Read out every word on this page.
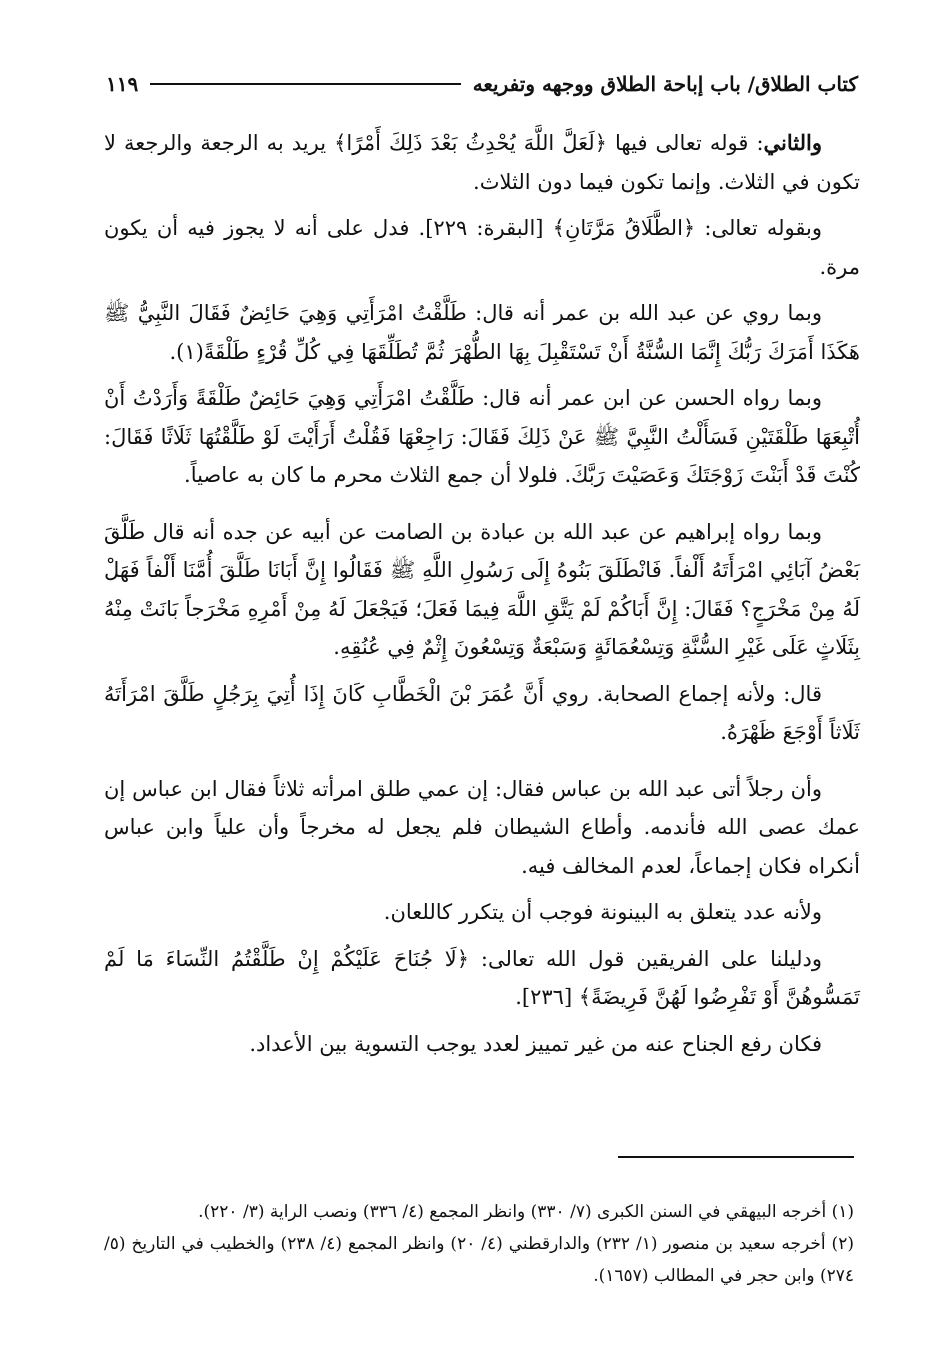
كتاب الطلاق/ باب إباحة الطلاق ووجهه وتفريعه
١١٩

والثاني: قوله تعالى فيها ﴿لَعَلَّ اللَّهَ يُحْدِثُ بَعْدَ ذَلِكَ أَمْرًا﴾ يريد به الرجعة والرجعة لا تكون في الثلاث. وإنما تكون فيما دون الثلاث.

وبقوله تعالى: ﴿الطَّلَاقُ مَرَّتَانِ﴾ [البقرة: ٢٢٩]. فدل على أنه لا يجوز فيه أن يكون مرة.

وبما روي عن عبد الله بن عمر أنه قال: طَلَّقْتُ امْرَأَتِي وَهِيَ حَائِضٌ فَقَالَ النَّبِيُّ ﷺ هَكَذَا أَمَرَكَ رَبُّكَ إِنَّمَا السُّنَّةُ أَنْ تَسْتَقْبِلَ بِهَا الطُّهْرَ ثُمَّ تُطَلِّقَهَا فِي كُلِّ قُرْءٍ طَلْقَةً(١).

وبما رواه الحسن عن ابن عمر أنه قال: طَلَّقْتُ امْرَأَتِي وَهِيَ حَائِضٌ طَلْقَةً وَأَرَدْتُ أَنْ أُتْبِعَهَا طَلْقَتَيْنِ فَسَأَلْتُ النَّبِيَّ ﷺ عَنْ ذَلِكَ فَقَالَ: رَاجِعْهَا فَقُلْتُ أَرَأَيْتَ لَوْ طَلَّقْتُهَا ثَلَاثًا فَقَالَ: كُنْتَ قَدْ أَبَنْتَ زَوْجَتَكَ وَعَصَيْتَ رَبَّكَ. فلولا أن جمع الثلاث محرم ما كان به عاصياً.

وبما رواه إبراهيم عن عبد الله بن عبادة بن الصامت عن أبيه عن جده أنه قال طَلَّقَ بَعْضُ آبَائِي امْرَأَتَهُ أَلْفاً. فَانْطَلَقَ بَنُوهُ إِلَى رَسُولِ اللَّهِ ﷺ فَقَالُوا إِنَّ أَبَانَا طَلَّقَ أُمَّنَا أَلْفاً فَهَلْ لَهُ مِنْ مَخْرَجٍ؟ فَقَالَ: إِنَّ أَبَاكُمْ لَمْ يَتَّقِ اللَّهَ فِيمَا فَعَلَ؛ فَيَجْعَلَ لَهُ مِنْ أَمْرِهِ مَخْرَجاً بَانَتْ مِنْهُ بِثَلَاثٍ عَلَى غَيْرِ السُّنَّةِ وَتِسْعُمَائَةٍ وَسَبْعَةٌ وَتِسْعُونَ إِثْمٌ فِي عُنُقِهِ.

قال: ولأنه إجماع الصحابة. روي أَنَّ عُمَرَ بْنَ الْخَطَّابِ كَانَ إِذَا أُتِيَ بِرَجُلٍ طَلَّقَ امْرَأَتَهُ ثَلَاثاً أَوْجَعَ ظَهْرَهُ.

وأن رجلاً أتى عبد الله بن عباس فقال: إن عمي طلق امرأته ثلاثاً فقال ابن عباس إن عمك عصى الله فأندمه. وأطاع الشيطان فلم يجعل له مخرجاً وأن علياً وابن عباس أنكراه فكان إجماعاً، لعدم المخالف فيه.

ولأنه عدد يتعلق به البينونة فوجب أن يتكرر كاللعان.

ودليلنا على الفريقين قول الله تعالى: ﴿لَا جُنَاحَ عَلَيْكُمْ إِنْ طَلَّقْتُمُ النِّسَاءَ مَا لَمْ تَمَسُّوهُنَّ أَوْ تَفْرِضُوا لَهُنَّ فَرِيضَةً﴾ [٢٣٦].

فكان رفع الجناح عنه من غير تمييز لعدد يوجب التسوية بين الأعداد.

(١) أخرجه البيهقي في السنن الكبرى (٧/ ٣٣٠) وانظر المجمع (٤/ ٣٣٦) ونصب الراية (٣/ ٢٢٠).

(٢) أخرجه سعيد بن منصور (١/ ٢٣٢) والدارقطني (٤/ ٢٠) وانظر المجمع (٤/ ٢٣٨) والخطيب في التاريخ (٥/ ٢٧٤) وابن حجر في المطالب (١٦٥٧).
